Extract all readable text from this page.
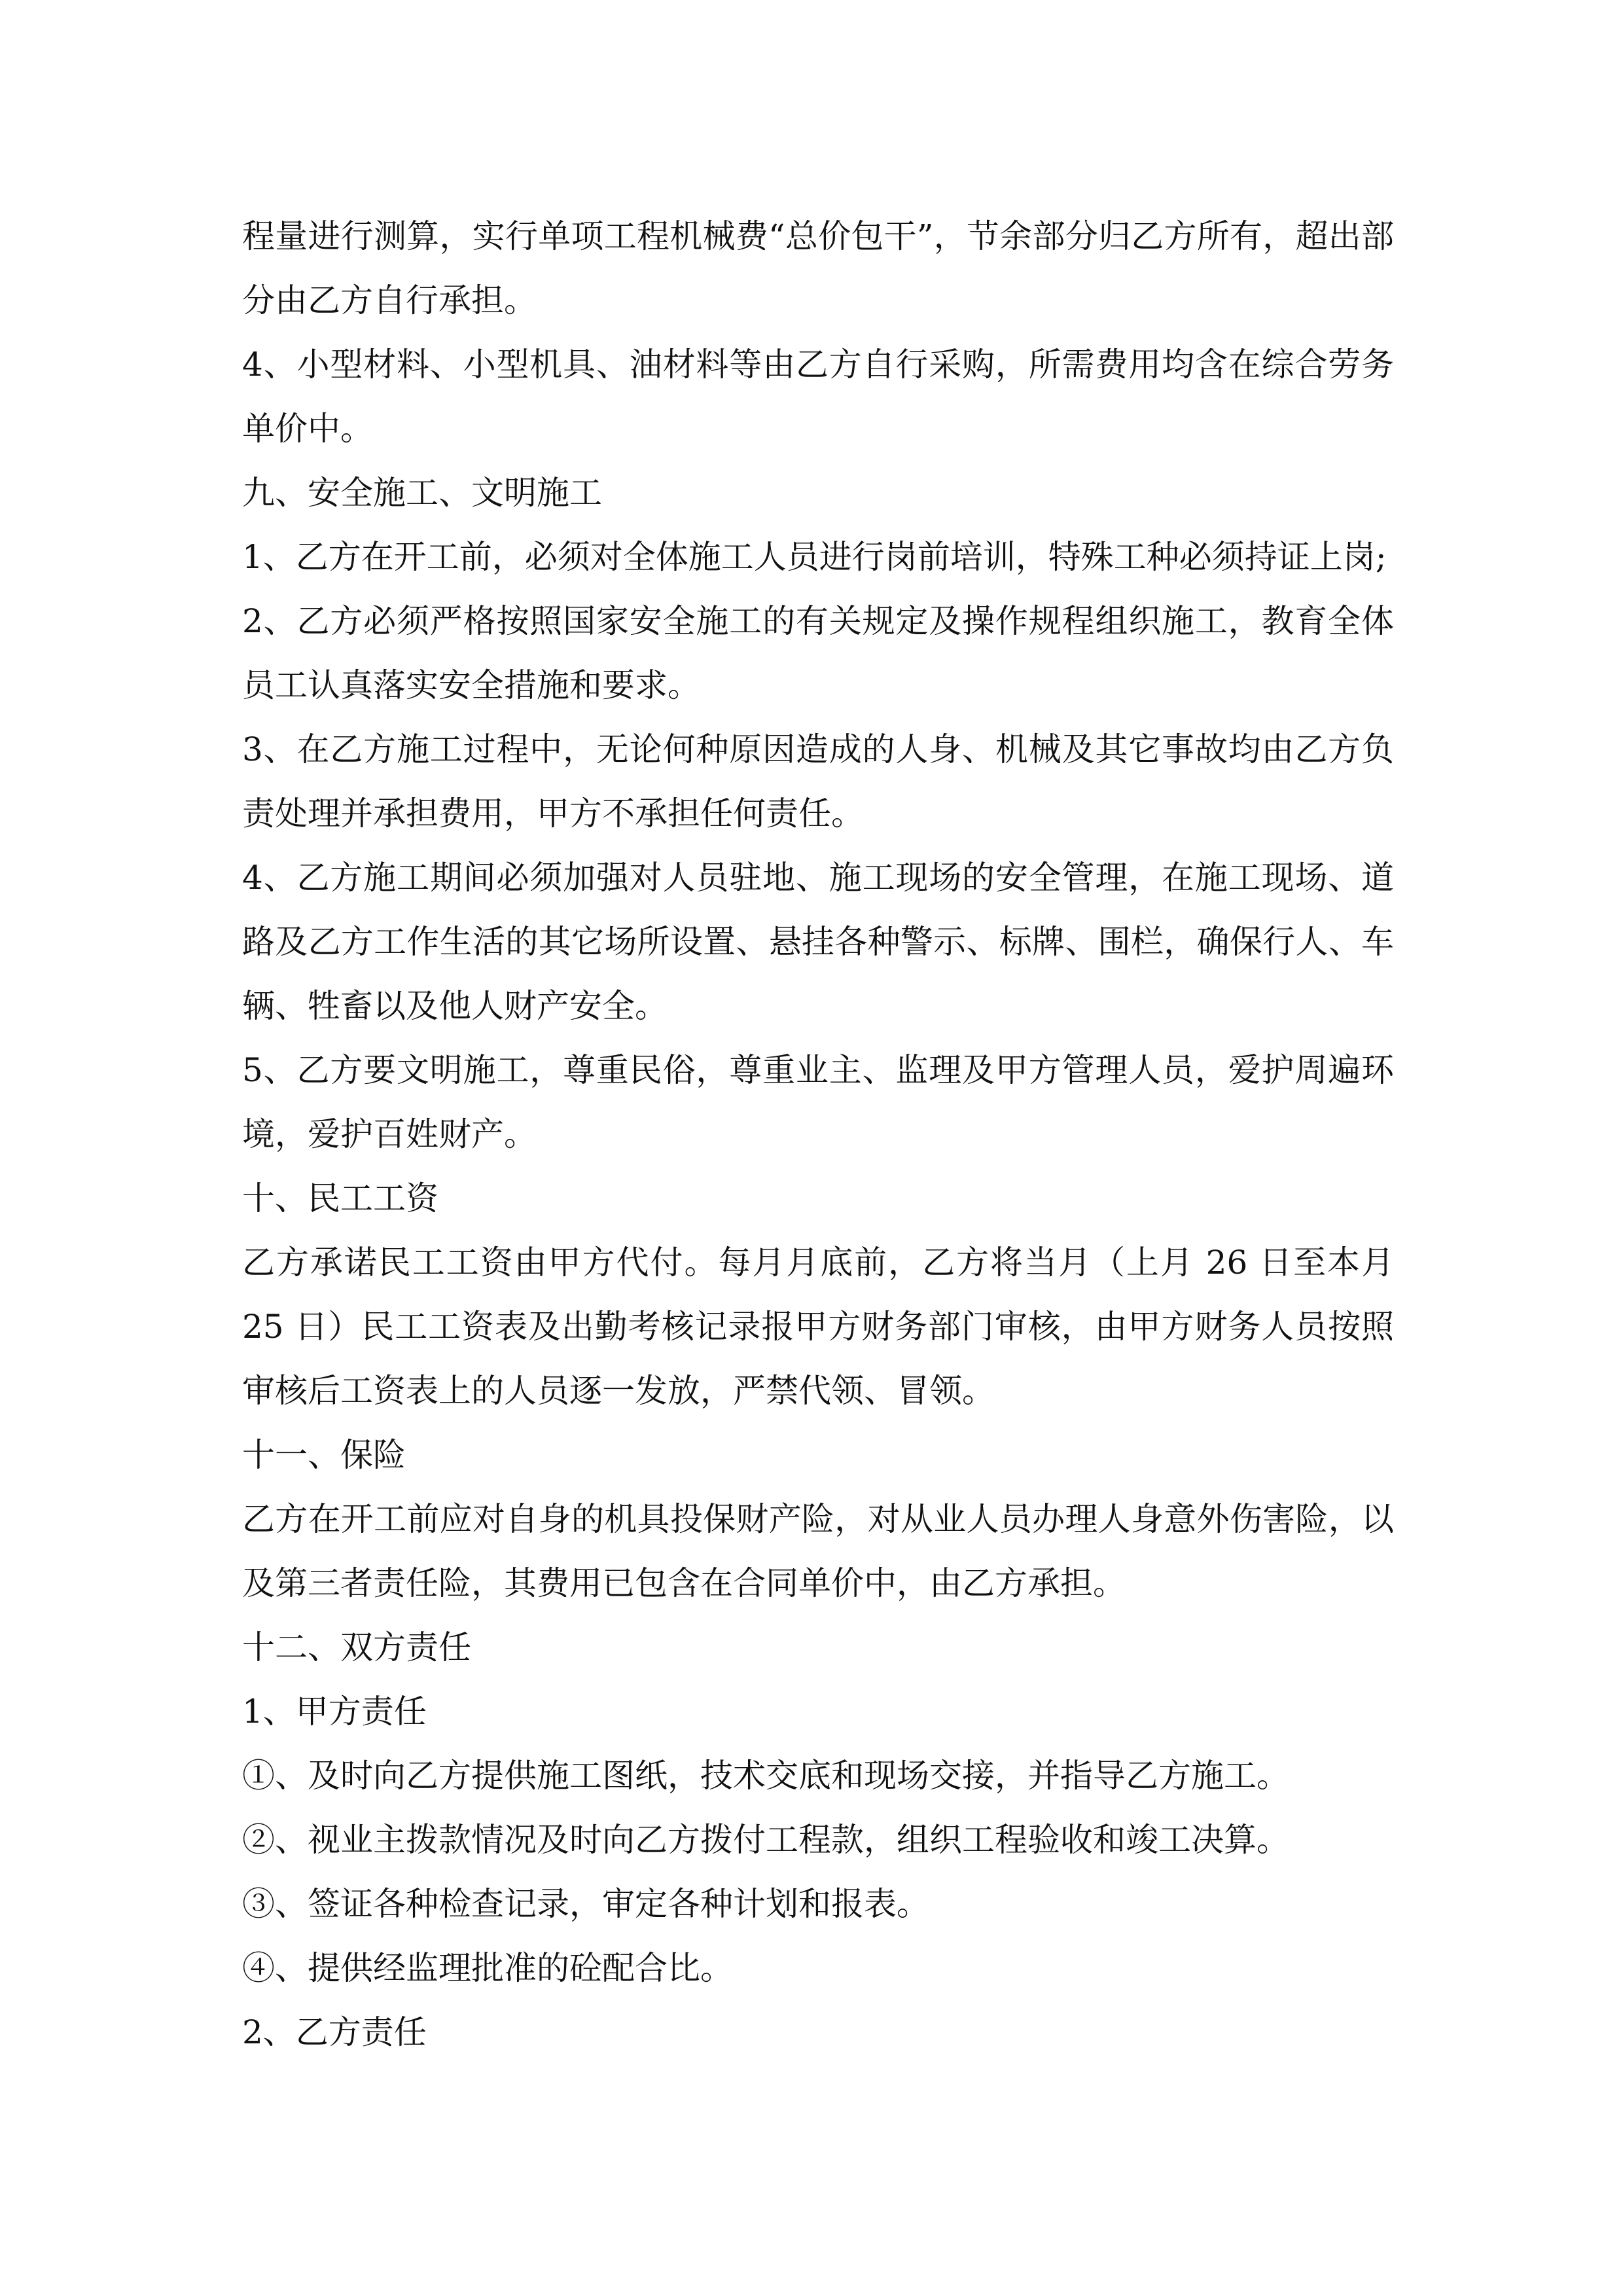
程量进行测算，实行单项工程机械费“总价包干”，节余部分归乙方所有，超出部分由乙方自行承担。

4、小型材料、小型机具、油材料等由乙方自行采购，所需费用均含在综合劳务单价中。

九、安全施工、文明施工

1、乙方在开工前，必须对全体施工人员进行岗前培训，特殊工种必须持证上岗;

2、乙方必须严格按照国家安全施工的有关规定及操作规程组织施工，教育全体员工认真落实安全措施和要求。

3、在乙方施工过程中，无论何种原因造成的人身、机械及其它事故均由乙方负责处理并承担费用，甲方不承担任何责任。

4、乙方施工期间必须加强对人员驻地、施工现场的安全管理，在施工现场、道路及乙方工作生活的其它场所设置、悬挂各种警示、标牌、围栏，确保行人、车辆、牲畜以及他人财产安全。

5、乙方要文明施工，尊重民俗，尊重业主、监理及甲方管理人员，爱护周遍环境，爱护百姓财产。

十、民工工资

乙方承诺民工工资由甲方代付。每月月底前，乙方将当月（上月 26 日至本月 25 日）民工工资表及出勤考核记录报甲方财务部门审核，由甲方财务人员按照审核后工资表上的人员逐一发放，严禁代领、冒领。

十一、保险

乙方在开工前应对自身的机具投保财产险，对从业人员办理人身意外伤害险，以及第三者责任险，其费用已包含在合同单价中，由乙方承担。

十二、双方责任

1、甲方责任

①、及时向乙方提供施工图纸，技术交底和现场交接，并指导乙方施工。

②、视业主拨款情况及时向乙方拨付工程款，组织工程验收和竣工决算。

③、签证各种检查记录，审定各种计划和报表。

④、提供经监理批准的砼配合比。

2、乙方责任
